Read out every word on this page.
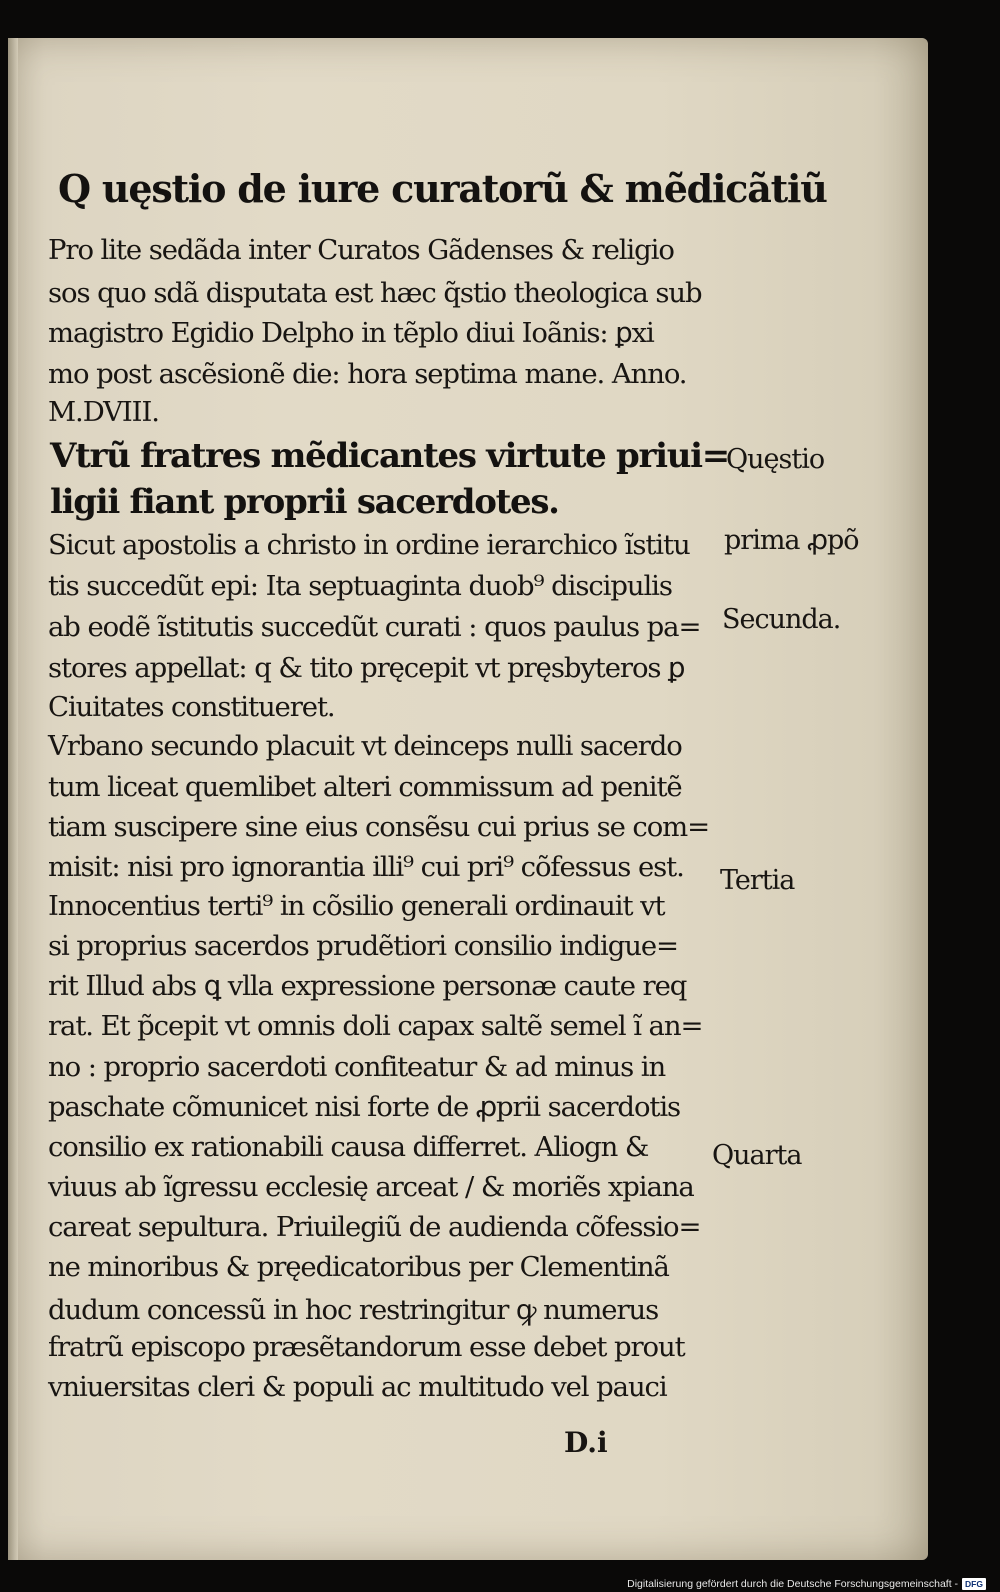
Q uęstio de iure curatorũ & mẽdicãtiũ

Pro lite sedãda inter Curatos Gãdenses & religio

sos quo sdã disputata est hæc q̃stio theologica sub

magistro Egidio Delpho in tẽplo diui Ioãnis: ꝑxi

mo post ascẽsionẽ die: hora septima mane. Anno.

M.DVIII.

Vtrũ fratres mẽdicantes virtute priui=

ligii fiant proprii sacerdotes.

Sicut apostolis a christo in ordine ierarchico ĩstitu

tis succedũt epi: Ita septuaginta duob⁹ discipulis

ab eodẽ ĩstitutis succedũt curati : quos paulus pa=

stores appellat: q & tito pręcepit vt pręsbyteros ꝑ

Ciuitates constitueret.

Vrbano secundo placuit vt deinceps nulli sacerdo

tum liceat quemlibet alteri commissum ad penitẽ

tiam suscipere sine eius consẽsu cui prius se com=

misit: nisi pro ignorantia illi⁹ cui pri⁹ cõfessus est.

Innocentius terti⁹ in cõsilio generali ordinauit vt

si proprius sacerdos prudẽtiori consilio indigue=

rit Illud abs ꝗ vlla expressione personæ caute req

rat. Et p̃cepit vt omnis doli capax saltẽ semel ĩ an=

no : proprio sacerdoti confiteatur & ad minus in

paschate cõmunicet nisi forte de ꝓprii sacerdotis

consilio ex rationabili causa differret. Aliogn &

viuus ab ĩgressu ecclesię arceat / & moriẽs xpiana

careat sepultura. Priuilegiũ de audienda cõfessio=

ne minoribus & pręedicatoribus per Clementinã

dudum concessũ in hoc restringitur ꝙ numerus

fratrũ episcopo præsẽtandorum esse debet prout

vniuersitas cleri & populi ac multitudo vel pauci

Quęstio

prima ꝓpõ

Secunda.

Tertia

Quarta

D.i

Digitalisierung gefördert durch die Deutsche Forschungsgemeinschaft - DFG
